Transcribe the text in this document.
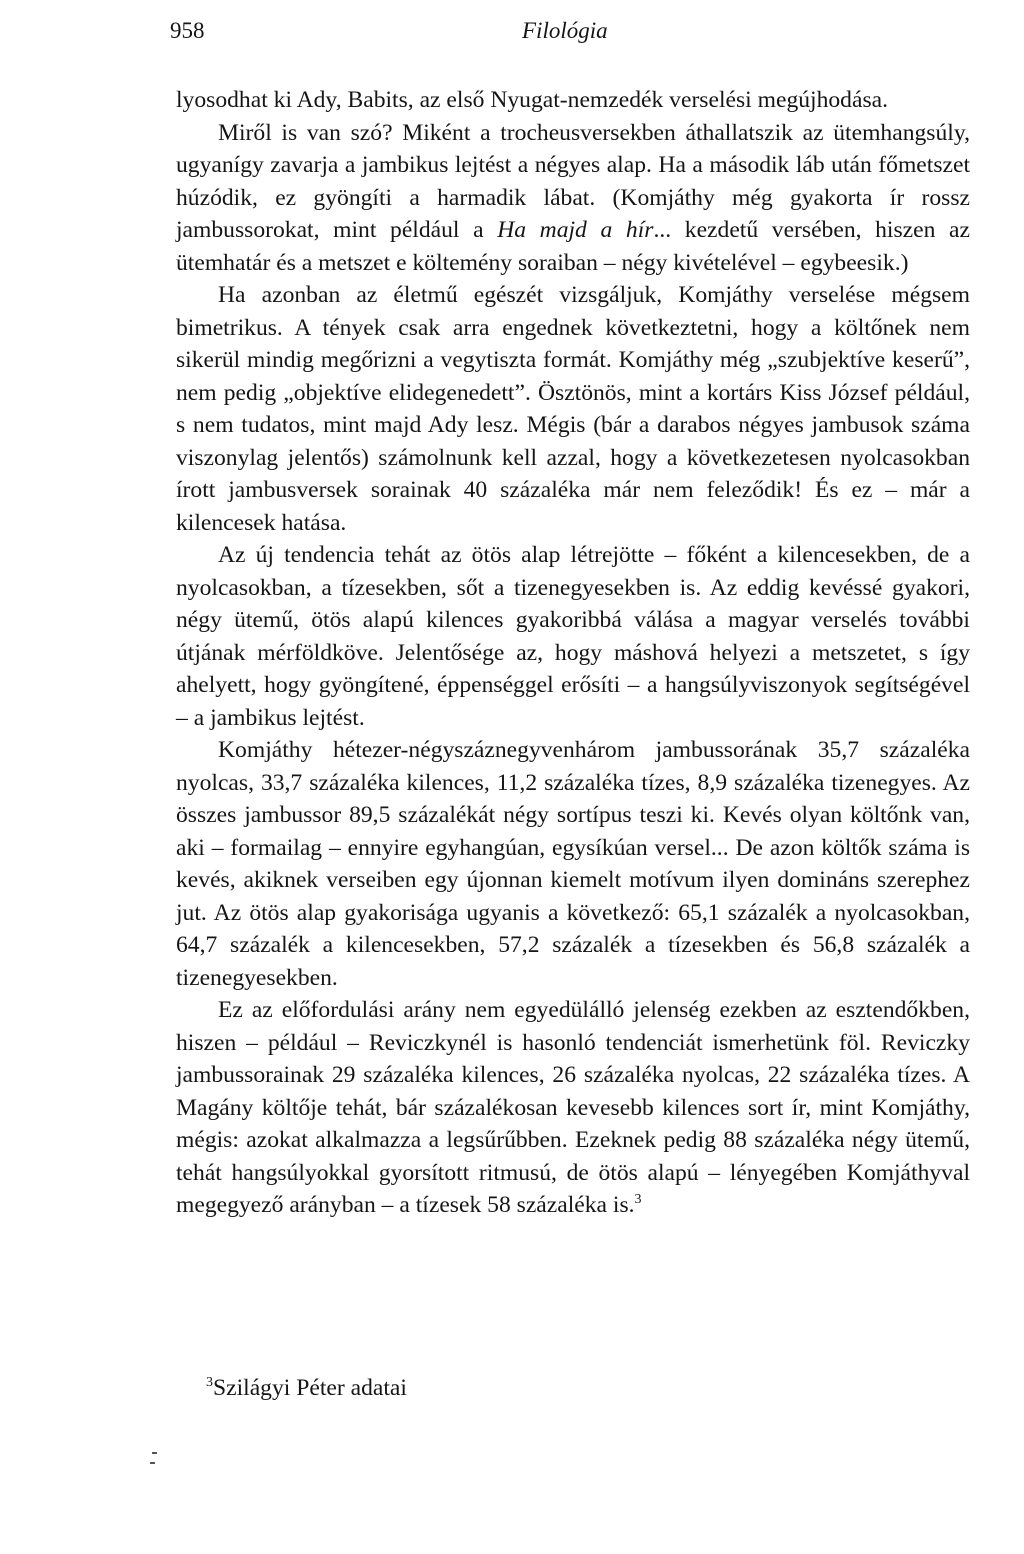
958	Filológia

lyosodhat ki Ady, Babits, az első Nyugat-nemzedék verselési megújhodása.

Miről is van szó? Miként a trocheusversekben áthallatszik az ütemhangsúly, ugyanígy zavarja a jambikus lejtést a négyes alap. Ha a második láb után főmetszet húzódik, ez gyöngíti a harmadik lábat. (Komjáthy még gyakorta ír rossz jambussorokat, mint például a Ha majd a hír... kezdetű versében, hiszen az ütemhatár és a metszet e költemény soraiban – négy kivételével – egybeesik.)

Ha azonban az életmű egészét vizsgáljuk, Komjáthy verselése mégsem bimetrikus. A tények csak arra engednek következtetni, hogy a költőnek nem sikerül mindig megőrizni a vegytiszta formát. Komjáthy még „szubjektíve keserű”, nem pedig „objektíve elidegenedett”. Ösztönös, mint a kortárs Kiss József például, s nem tudatos, mint majd Ady lesz. Mégis (bár a darabos négyes jambusok száma viszonylag jelentős) számolnunk kell azzal, hogy a következetesen nyolcasokban írott jambusversek sorainak 40 százaléka már nem feleződik! És ez – már a kilencesek hatása.

Az új tendencia tehát az ötös alap létrejötte – főként a kilencesekben, de a nyolcasokban, a tízesekben, sőt a tizenegyesekben is. Az eddig kevéssé gyakori, négy ütemű, ötös alapú kilences gyakoribbá válása a magyar verselés további útjának mérföldköve. Jelentősége az, hogy máshová helyezi a metszetet, s így ahelyett, hogy gyöngítené, éppenséggel erősíti – a hangsúlyviszonyok segítségével – a jambikus lejtést.

Komjáthy hétezer-négyszáznegyvenhárom jambussorának 35,7 százaléka nyolcas, 33,7 százaléka kilences, 11,2 százaléka tízes, 8,9 százaléka tizenegyes. Az összes jambussor 89,5 százalékát négy sortípus teszi ki. Kevés olyan költőnk van, aki – formailag – ennyire egyhangúan, egysíkúan versel... De azon költők száma is kevés, akiknek verseiben egy újonnan kiemelt motívum ilyen domináns szerephez jut. Az ötös alap gyakorisága ugyanis a következő: 65,1 százalék a nyolcasokban, 64,7 százalék a kilencesekben, 57,2 százalék a tízesekben és 56,8 százalék a tizenegyesekben.

Ez az előfordulási arány nem egyedülálló jelenség ezekben az esztendőkben, hiszen – például – Reviczkynél is hasonló tendenciát ismerhetünk föl. Reviczky jambussorainak 29 százaléka kilences, 26 százaléka nyolcas, 22 százaléka tízes. A Magány költője tehát, bár százalékosan kevesebb kilences sort ír, mint Komjáthy, mégis: azokat alkalmazza a legsűrűbben. Ezeknek pedig 88 százaléka négy ütemű, tehát hangsúlyokkal gyorsított ritmusú, de ötös alapú – lényegében Komjáthyval megegyező arányban – a tízesek 58 százaléka is.$^3$

$^3$Szilágyi Péter adatai
